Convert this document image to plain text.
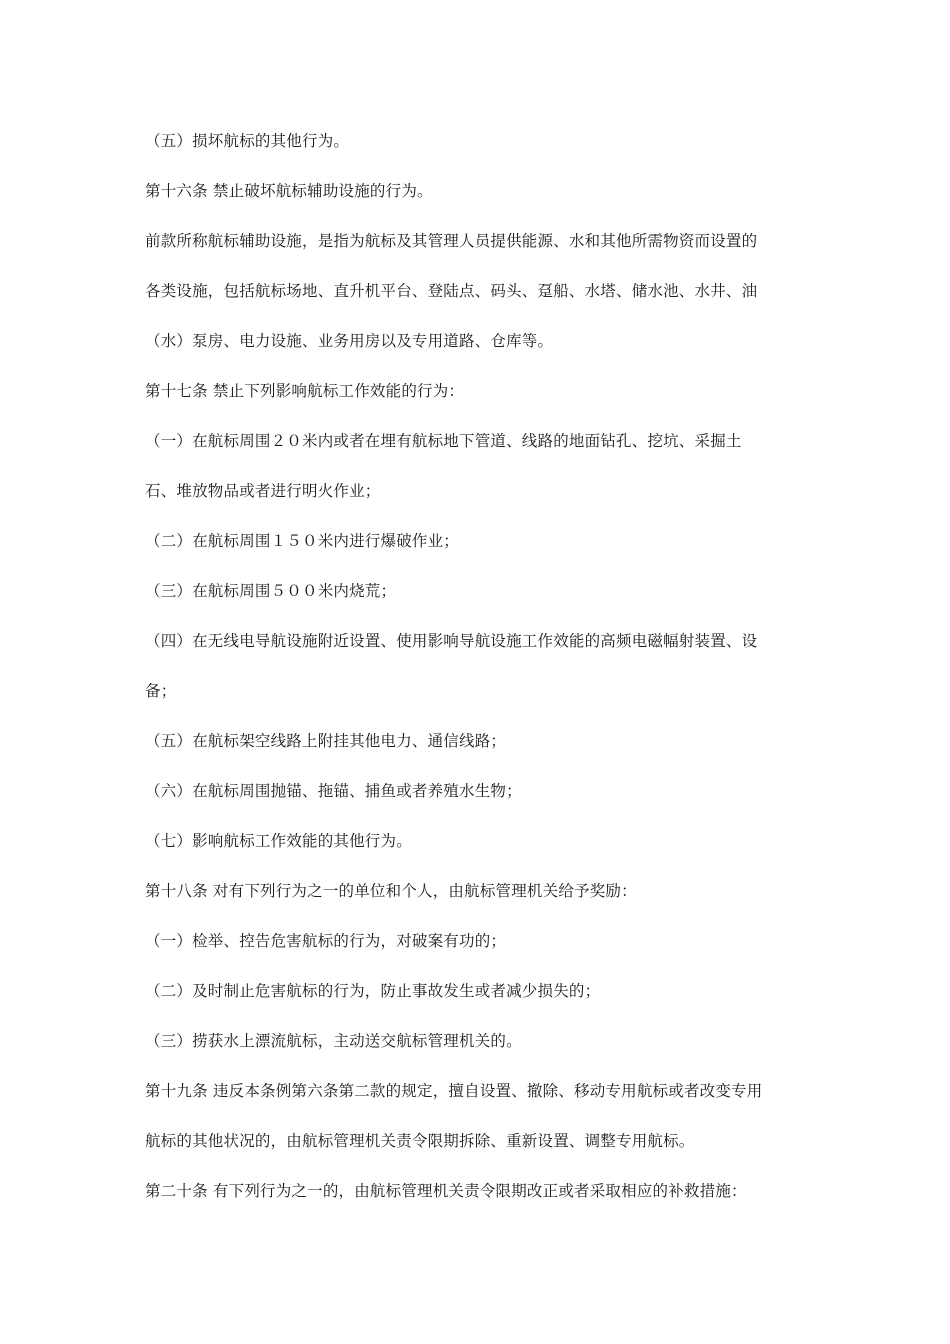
（五）损坏航标的其他行为。
第十六条 禁止破坏航标辅助设施的行为。
前款所称航标辅助设施，是指为航标及其管理人员提供能源、水和其他所需物资而设置的
各类设施，包括航标场地、直升机平台、登陆点、码头、趸船、水塔、储水池、水井、油
（水）泵房、电力设施、业务用房以及专用道路、仓库等。
第十七条 禁止下列影响航标工作效能的行为：
（一）在航标周围２０米内或者在埋有航标地下管道、线路的地面钻孔、挖坑、采掘土
石、堆放物品或者进行明火作业；
（二）在航标周围１５０米内进行爆破作业；
（三）在航标周围５００米内烧荒；
（四）在无线电导航设施附近设置、使用影响导航设施工作效能的高频电磁幅射装置、设
备；
（五）在航标架空线路上附挂其他电力、通信线路；
（六）在航标周围抛锚、拖锚、捕鱼或者养殖水生物；
（七）影响航标工作效能的其他行为。
第十八条 对有下列行为之一的单位和个人，由航标管理机关给予奖励：
（一）检举、控告危害航标的行为，对破案有功的；
（二）及时制止危害航标的行为，防止事故发生或者减少损失的；
（三）捞获水上漂流航标，主动送交航标管理机关的。
第十九条 违反本条例第六条第二款的规定，擅自设置、撤除、移动专用航标或者改变专用
航标的其他状况的，由航标管理机关责令限期拆除、重新设置、调整专用航标。
第二十条 有下列行为之一的，由航标管理机关责令限期改正或者采取相应的补救措施：
